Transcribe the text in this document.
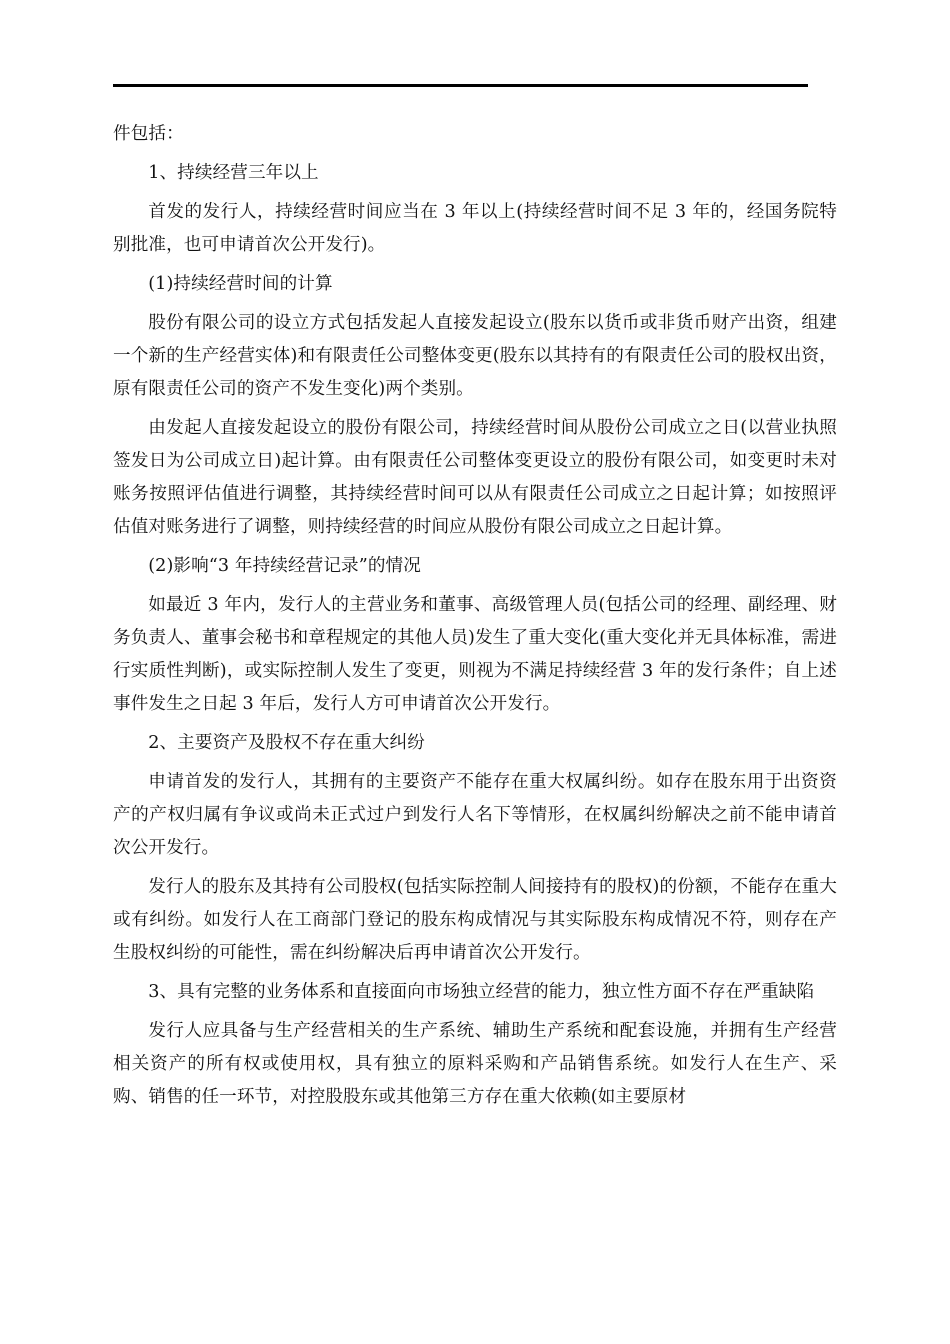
件包括：

1、持续经营三年以上

首发的发行人，持续经营时间应当在 3 年以上(持续经营时间不足 3 年的，经国务院特别批准，也可申请首次公开发行)。

(1)持续经营时间的计算

股份有限公司的设立方式包括发起人直接发起设立(股东以货币或非货币财产出资，组建一个新的生产经营实体)和有限责任公司整体变更(股东以其持有的有限责任公司的股权出资，原有限责任公司的资产不发生变化)两个类别。

由发起人直接发起设立的股份有限公司，持续经营时间从股份公司成立之日(以营业执照签发日为公司成立日)起计算。由有限责任公司整体变更设立的股份有限公司，如变更时未对账务按照评估值进行调整，其持续经营时间可以从有限责任公司成立之日起计算；如按照评估值对账务进行了调整，则持续经营的时间应从股份有限公司成立之日起计算。

(2)影响“3 年持续经营记录”的情况

如最近 3 年内，发行人的主营业务和董事、高级管理人员(包括公司的经理、副经理、财务负责人、董事会秘书和章程规定的其他人员)发生了重大变化(重大变化并无具体标准，需进行实质性判断)，或实际控制人发生了变更，则视为不满足持续经营 3 年的发行条件；自上述事件发生之日起 3 年后，发行人方可申请首次公开发行。

2、主要资产及股权不存在重大纠纷

申请首发的发行人，其拥有的主要资产不能存在重大权属纠纷。如存在股东用于出资资产的产权归属有争议或尚未正式过户到发行人名下等情形，在权属纠纷解决之前不能申请首次公开发行。

发行人的股东及其持有公司股权(包括实际控制人间接持有的股权)的份额，不能存在重大或有纠纷。如发行人在工商部门登记的股东构成情况与其实际股东构成情况不符，则存在产生股权纠纷的可能性，需在纠纷解决后再申请首次公开发行。

3、具有完整的业务体系和直接面向市场独立经营的能力，独立性方面不存在严重缺陷

发行人应具备与生产经营相关的生产系统、辅助生产系统和配套设施，并拥有生产经营相关资产的所有权或使用权，具有独立的原料采购和产品销售系统。如发行人在生产、采购、销售的任一环节，对控股股东或其他第三方存在重大依赖(如主要原材
